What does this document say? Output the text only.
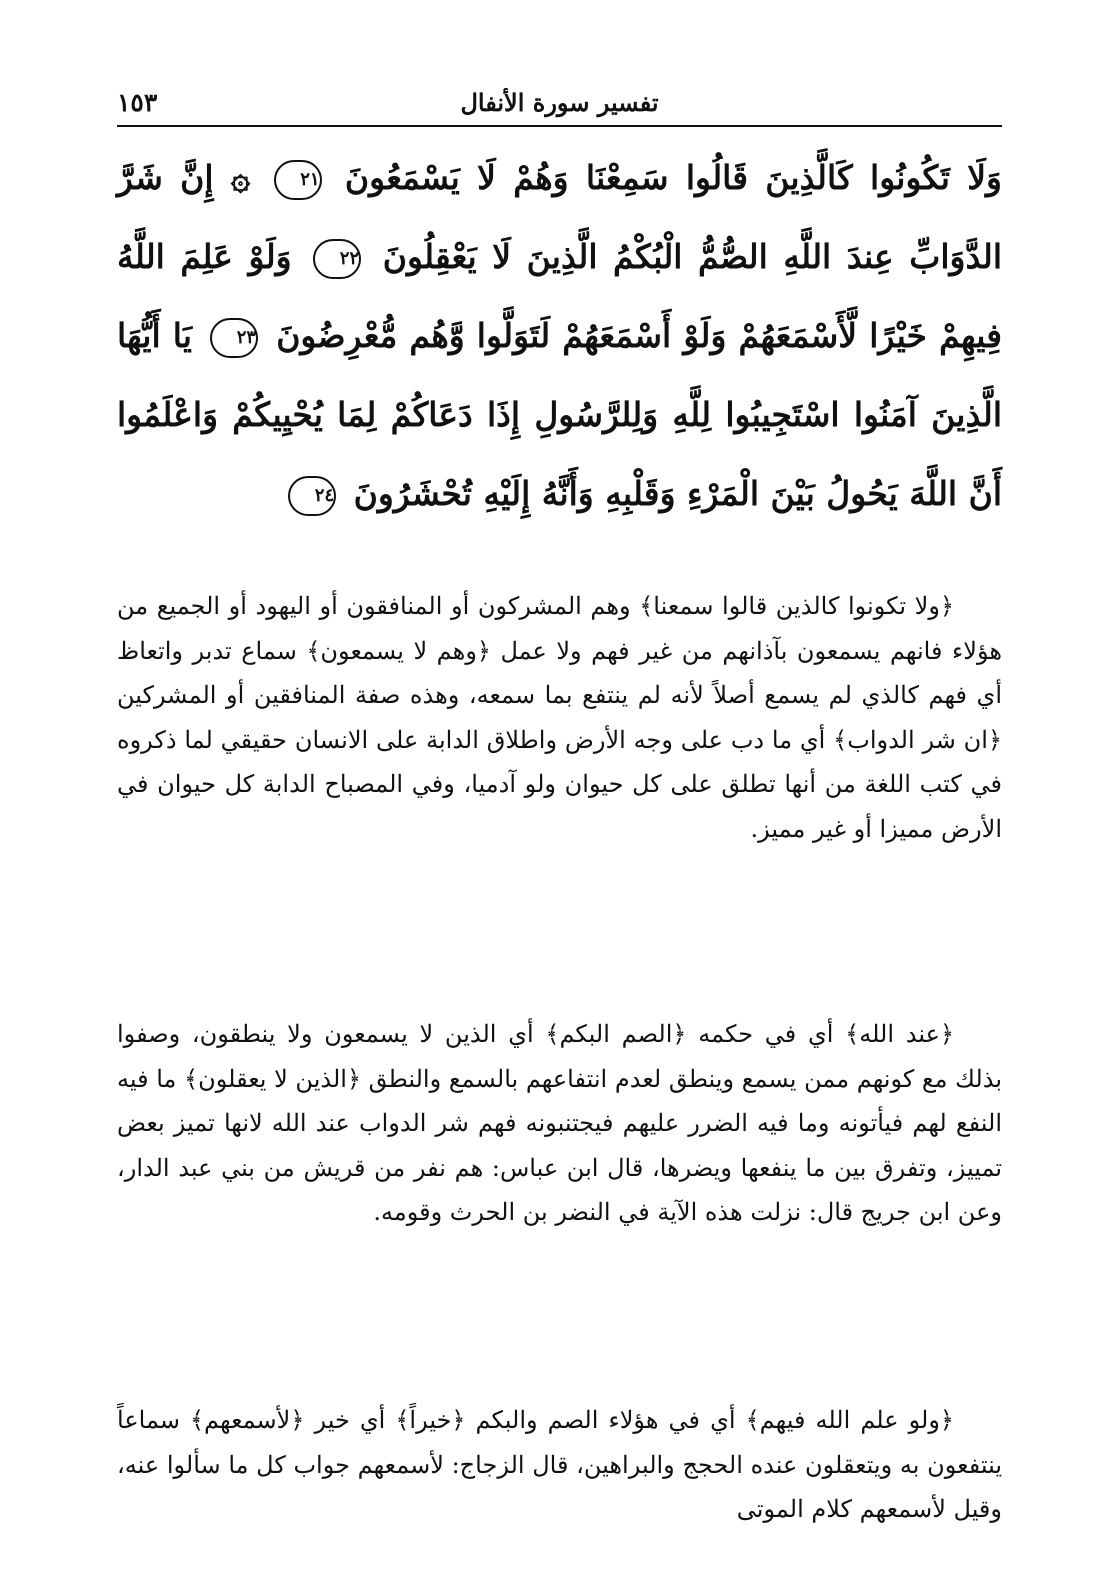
تفسير سورة الأنفال
١٥٣
وَلَا تَكُونُوا كَالَّذِينَ قَالُوا سَمِعْنَا وَهُمْ لَا يَسْمَعُونَ ٢١ ۞ إِنَّ شَرَّ الدَّوَابِّ عِندَ اللَّهِ الصُّمُّ الْبُكْمُ الَّذِينَ لَا يَعْقِلُونَ ٢٢ وَلَوْ عَلِمَ اللَّهُ فِيهِمْ خَيْرًا لَّأَسْمَعَهُمْ وَلَوْ أَسْمَعَهُمْ لَتَوَلَّوا وَّهُم مُّعْرِضُونَ ٢٣ يَا أَيُّهَا الَّذِينَ آمَنُوا اسْتَجِيبُوا لِلَّهِ وَلِلرَّسُولِ إِذَا دَعَاكُمْ لِمَا يُحْيِيكُمْ وَاعْلَمُوا أَنَّ اللَّهَ يَحُولُ بَيْنَ الْمَرْءِ وَقَلْبِهِ وَأَنَّهُ إِلَيْهِ تُحْشَرُونَ ٢٤

﴿ولا تكونوا كالذين قالوا سمعنا﴾ وهم المشركون أو المنافقون أو اليهود أو الجميع من هؤلاء فانهم يسمعون بآذانهم من غير فهم ولا عمل ﴿وهم لا يسمعون﴾ سماع تدبر واتعاظ أي فهم كالذي لم يسمع أصلاً لأنه لم ينتفع بما سمعه، وهذه صفة المنافقين أو المشركين ﴿ان شر الدواب﴾ أي ما دب على وجه الأرض واطلاق الدابة على الانسان حقيقي لما ذكروه في كتب اللغة من أنها تطلق على كل حيوان ولو آدميا، وفي المصباح الدابة كل حيوان في الأرض مميزا أو غير مميز.

﴿عند الله﴾ أي في حكمه ﴿الصم البكم﴾ أي الذين لا يسمعون ولا ينطقون، وصفوا بذلك مع كونهم ممن يسمع وينطق لعدم انتفاعهم بالسمع والنطق ﴿الذين لا يعقلون﴾ ما فيه النفع لهم فيأتونه وما فيه الضرر عليهم فيجتنبونه فهم شر الدواب عند الله لانها تميز بعض تمييز، وتفرق بين ما ينفعها ويضرها، قال ابن عباس: هم نفر من قريش من بني عبد الدار، وعن ابن جريج قال: نزلت هذه الآية في النضر بن الحرث وقومه.

﴿ولو علم الله فيهم﴾ أي في هؤلاء الصم والبكم ﴿خيراً﴾ أي خير ﴿لأسمعهم﴾ سماعاً ينتفعون به ويتعقلون عنده الحجج والبراهين، قال الزجاج: لأسمعهم جواب كل ما سألوا عنه، وقيل لأسمعهم كلام الموتى
